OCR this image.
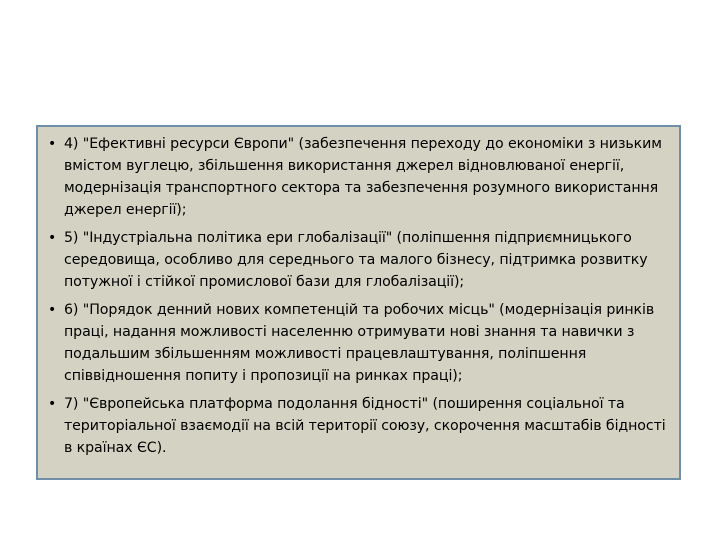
• 4) "Ефективні ресурси Європи" (забезпечення переходу до економіки з низьким вмістом вуглецю, збільшення використання джерел відновлюваної енергії, модернізація транспортного сектора та забезпечення розумного використання джерел енергії);
• 5) "Індустріальна політика ери глобалізації" (поліпшення підприємницького середовища, особливо для середнього та малого бізнесу, підтримка розвитку потужної і стійкої промислової бази для глобалізації);
• 6) "Порядок денний нових компетенцій та робочих місць" (модернізація ринків праці, надання можливості населенню отримувати нові знання та навички з подальшим збільшенням можливості працевлаштування, поліпшення співвідношення попиту і пропозиції на ринках праці);
• 7) "Європейська платформа подолання бідності" (поширення соціальної та територіальної взаємодії на всій території союзу, скорочення масштабів бідності в країнах ЄС).
